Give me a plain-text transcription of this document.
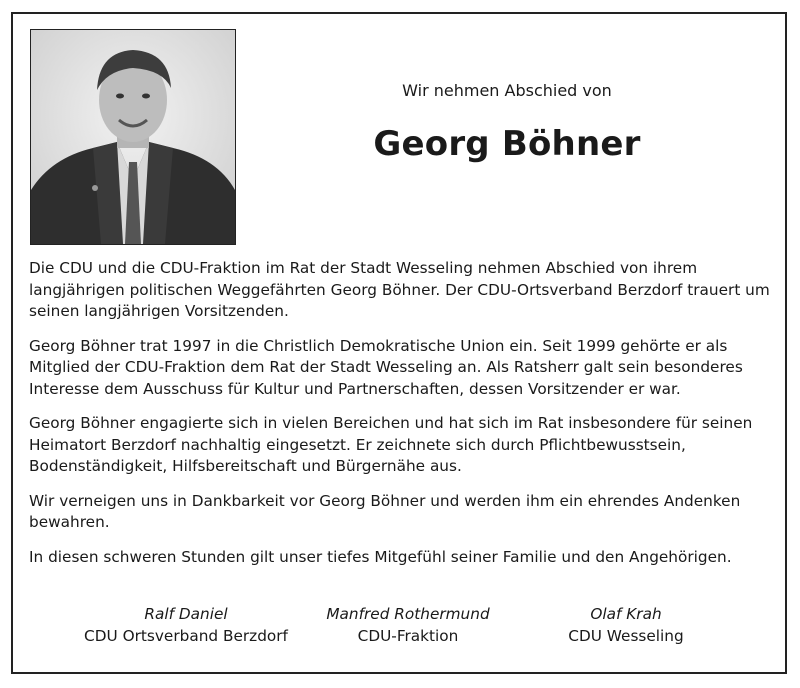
Wir nehmen Abschied von
Georg Böhner

Die CDU und die CDU-Fraktion im Rat der Stadt Wesseling nehmen Abschied von ihrem langjährigen politischen Weggefährten Georg Böhner. Der CDU-Ortsverband Berzdorf trauert um seinen langjährigen Vorsitzenden.

Georg Böhner trat 1997 in die Christlich Demokratische Union ein. Seit 1999 gehörte er als Mitglied der CDU-Fraktion dem Rat der Stadt Wesseling an. Als Ratsherr galt sein besonderes Interesse dem Ausschuss für Kultur und Partnerschaften, dessen Vorsitzender er war.

Georg Böhner engagierte sich in vielen Bereichen und hat sich im Rat insbesondere für seinen Heimatort Berzdorf nachhaltig eingesetzt. Er zeichnete sich durch Pflichtbewusstsein, Bodenständigkeit, Hilfsbereitschaft und Bürgernähe aus.

Wir verneigen uns in Dankbarkeit vor Georg Böhner und werden ihm ein ehrendes Andenken bewahren.

In diesen schweren Stunden gilt unser tiefes Mitgefühl seiner Familie und den Angehörigen.

Ralf Daniel
CDU Ortsverband Berzdorf
Manfred Rothermund
CDU-Fraktion
Olaf Krah
CDU Wesseling
